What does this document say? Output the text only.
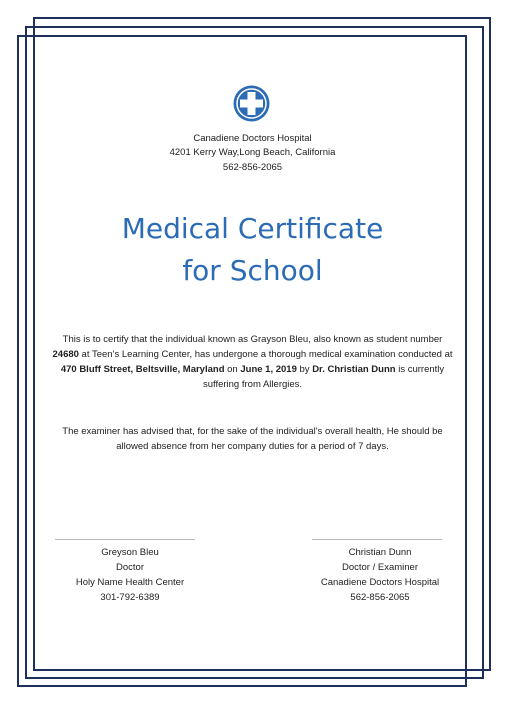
Canadiene Doctors Hospital
4201 Kerry Way,Long Beach, California
562-856-2065
Medical Certificate
for School
This is to certify that the individual known as Grayson Bleu, also known as student number 24680 at Teen’s Learning Center, has undergone a thorough medical examination conducted at 470 Bluff Street, Beltsville, Maryland on June 1, 2019 by Dr. Christian Dunn is currently suffering from Allergies.
The examiner has advised that, for the sake of the individual's overall health, He should be allowed absence from her company duties for a period of 7 days.
Greyson Bleu
Doctor
Holy Name Health Center
301-792-6389
Christian Dunn
Doctor / Examiner
Canadiene Doctors Hospital
562-856-2065
